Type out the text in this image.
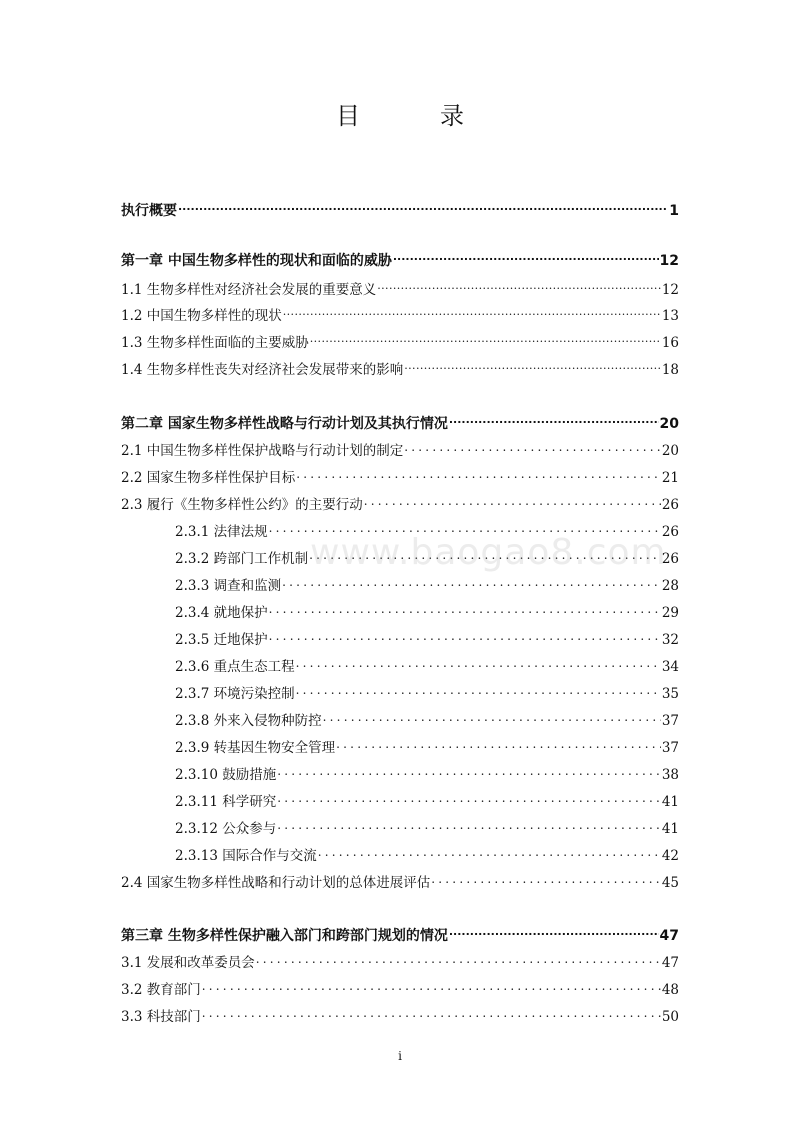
目　录
执行概要 .....	1
第一章 中国生物多样性的现状和面临的威胁 .....	12
1.1 生物多样性对经济社会发展的重要意义 .....	12
1.2 中国生物多样性的现状 .....	13
1.3 生物多样性面临的主要威胁 .....	16
1.4 生物多样性丧失对经济社会发展带来的影响 .....	18
第二章 国家生物多样性战略与行动计划及其执行情况 .....	20
2.1 中国生物多样性保护战略与行动计划的制定 .....	20
2.2 国家生物多样性保护目标 .....	21
2.3 履行《生物多样性公约》的主要行动 .....	26
2.3.1 法律法规 .....	26
2.3.2 跨部门工作机制 .....	26
2.3.3 调查和监测 .....	28
2.3.4 就地保护 .....	29
2.3.5 迁地保护 .....	32
2.3.6 重点生态工程 .....	34
2.3.7 环境污染控制 .....	35
2.3.8 外来入侵物种防控 .....	37
2.3.9 转基因生物安全管理 .....	37
2.3.10 鼓励措施 .....	38
2.3.11 科学研究 .....	41
2.3.12 公众参与 .....	41
2.3.13 国际合作与交流 .....	42
2.4 国家生物多样性战略和行动计划的总体进展评估 .....	45
第三章 生物多样性保护融入部门和跨部门规划的情况 .....	47
3.1 发展和改革委员会 .....	47
3.2 教育部门 .....	48
3.3 科技部门 .....	50
www.baogao8.com
i
